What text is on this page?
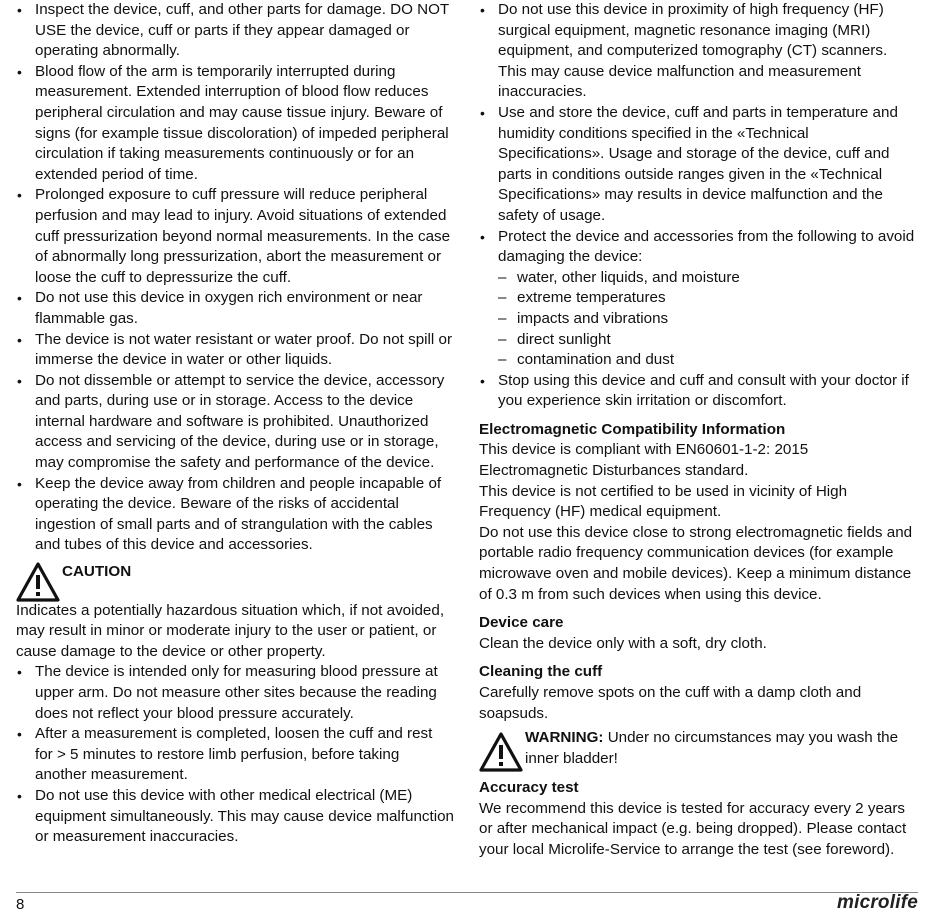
• Inspect the device, cuff, and other parts for damage. DO NOT USE the device, cuff or parts if they appear damaged or operating abnormally.
• Blood flow of the arm is temporarily interrupted during measurement. Extended interruption of blood flow reduces peripheral circulation and may cause tissue injury. Beware of signs (for example tissue discoloration) of impeded peripheral circulation if taking measurements continuously or for an extended period of time.
• Prolonged exposure to cuff pressure will reduce peripheral perfusion and may lead to injury. Avoid situations of extended cuff pressurization beyond normal measurements. In the case of abnormally long pressurization, abort the measurement or loose the cuff to depressurize the cuff.
• Do not use this device in oxygen rich environment or near flammable gas.
• The device is not water resistant or water proof. Do not spill or immerse the device in water or other liquids.
• Do not dissemble or attempt to service the device, accessory and parts, during use or in storage. Access to the device internal hardware and software is prohibited. Unauthorized access and servicing of the device, during use or in storage, may compromise the safety and performance of the device.
• Keep the device away from children and people incapable of operating the device. Beware of the risks of accidental ingestion of small parts and of strangulation with the cables and tubes of this device and accessories.
CAUTION
Indicates a potentially hazardous situation which, if not avoided, may result in minor or moderate injury to the user or patient, or cause damage to the device or other property.
• The device is intended only for measuring blood pressure at upper arm. Do not measure other sites because the reading does not reflect your blood pressure accurately.
• After a measurement is completed, loosen the cuff and rest for > 5 minutes to restore limb perfusion, before taking another measurement.
• Do not use this device with other medical electrical (ME) equipment simultaneously. This may cause device malfunction or measurement inaccuracies.
• Do not use this device in proximity of high frequency (HF) surgical equipment, magnetic resonance imaging (MRI) equipment, and computerized tomography (CT) scanners. This may cause device malfunction and measurement inaccuracies.
• Use and store the device, cuff and parts in temperature and humidity conditions specified in the «Technical Specifications». Usage and storage of the device, cuff and parts in conditions outside ranges given in the «Technical Specifications» may results in device malfunction and the safety of usage.
• Protect the device and accessories from the following to avoid damaging the device:
– water, other liquids, and moisture
– extreme temperatures
– impacts and vibrations
– direct sunlight
– contamination and dust
• Stop using this device and cuff and consult with your doctor if you experience skin irritation or discomfort.
Electromagnetic Compatibility Information
This device is compliant with EN60601-1-2: 2015 Electromagnetic Disturbances standard.
This device is not certified to be used in vicinity of High Frequency (HF) medical equipment.
Do not use this device close to strong electromagnetic fields and portable radio frequency communication devices (for example microwave oven and mobile devices). Keep a minimum distance of 0.3 m from such devices when using this device.
Device care
Clean the device only with a soft, dry cloth.
Cleaning the cuff
Carefully remove spots on the cuff with a damp cloth and soapsuds.
WARNING: Under no circumstances may you wash the inner bladder!
Accuracy test
We recommend this device is tested for accuracy every 2 years or after mechanical impact (e.g. being dropped). Please contact your local Microlife-Service to arrange the test (see foreword).
8	microlife
